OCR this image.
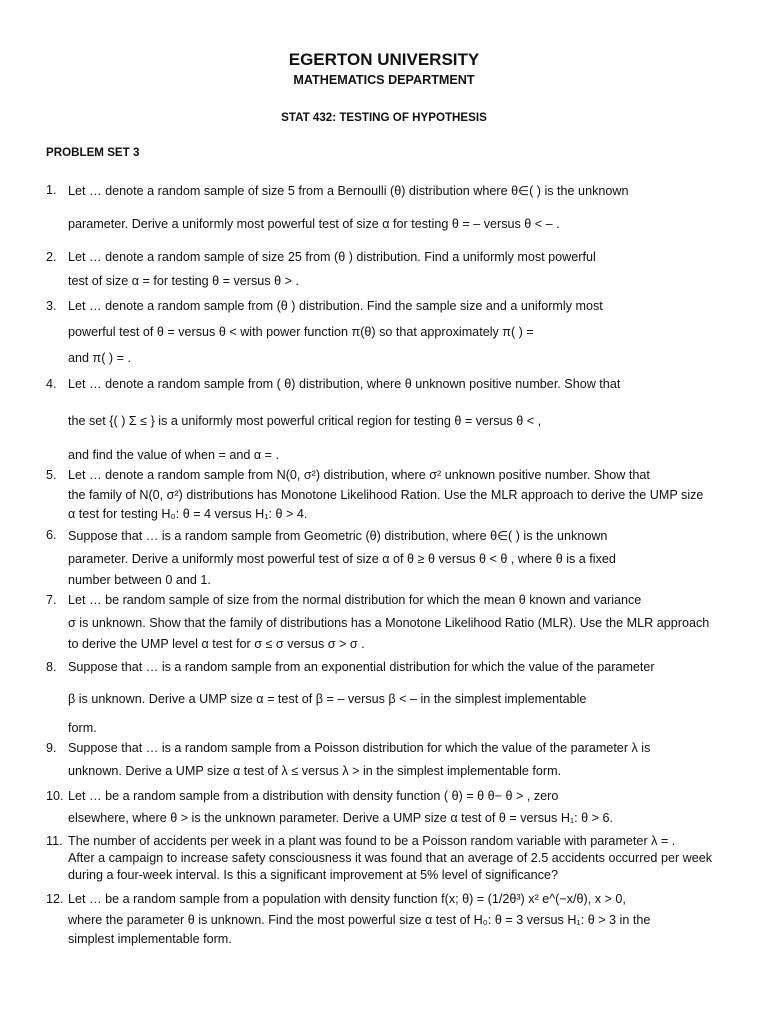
EGERTON UNIVERSITY
MATHEMATICS DEPARTMENT
STAT 432: TESTING OF HYPOTHESIS
PROBLEM SET 3
1. Let … denote a random sample of size 5 from a Bernoulli (θ) distribution where θ∈( ) is the unknown
parameter. Derive a uniformly most powerful test of size α for testing θ = – versus θ < – .
2. Let … denote a random sample of size 25 from (θ ) distribution. Find a uniformly most powerful
test of size α = for testing θ = versus θ > .
3. Let … denote a random sample from (θ ) distribution. Find the sample size and a uniformly most
powerful test of θ = versus θ < with power function π(θ) so that approximately π( ) =
and π( ) = .
4. Let … denote a random sample from ( θ) distribution, where θ unknown positive number. Show that
the set {( ) Σ ≤ } is a uniformly most powerful critical region for testing θ = versus θ < ,
and find the value of when = and α = .
5. Let … denote a random sample from N(0, σ²) distribution, where σ² unknown positive number. Show that
the family of N(0, σ²) distributions has Monotone Likelihood Ration. Use the MLR approach to derive the UMP size
α test for testing H₀: θ = 4 versus H₁: θ > 4.
6. Suppose that … is a random sample from Geometric (θ) distribution, where θ∈( ) is the unknown
parameter. Derive a uniformly most powerful test of size α of θ ≥ θ versus θ < θ , where θ is a fixed
number between 0 and 1.
7. Let … be random sample of size from the normal distribution for which the mean θ known and variance
σ is unknown. Show that the family of distributions has a Monotone Likelihood Ratio (MLR). Use the MLR approach
to derive the UMP level α test for σ ≤ σ versus σ > σ .
8. Suppose that … is a random sample from an exponential distribution for which the value of the parameter
β is unknown. Derive a UMP size α = test of β = – versus β < – in the simplest implementable
form.
9. Suppose that … is a random sample from a Poisson distribution for which the value of the parameter λ is
unknown. Derive a UMP size α test of λ ≤ versus λ > in the simplest implementable form.
10. Let … be a random sample from a distribution with density function ( θ) = θ θ− θ > , zero
elsewhere, where θ > is the unknown parameter. Derive a UMP size α test of θ = versus H₁: θ > 6.
11. The number of accidents per week in a plant was found to be a Poisson random variable with parameter λ = .
After a campaign to increase safety consciousness it was found that an average of 2.5 accidents occurred per week
during a four-week interval. Is this a significant improvement at 5% level of significance?
12. Let … be a random sample from a population with density function f(x; θ) = (1/2θ³) x² e^(−x/θ), x > 0,
where the parameter θ is unknown. Find the most powerful size α test of H₀: θ = 3 versus H₁: θ > 3 in the
simplest implementable form.
